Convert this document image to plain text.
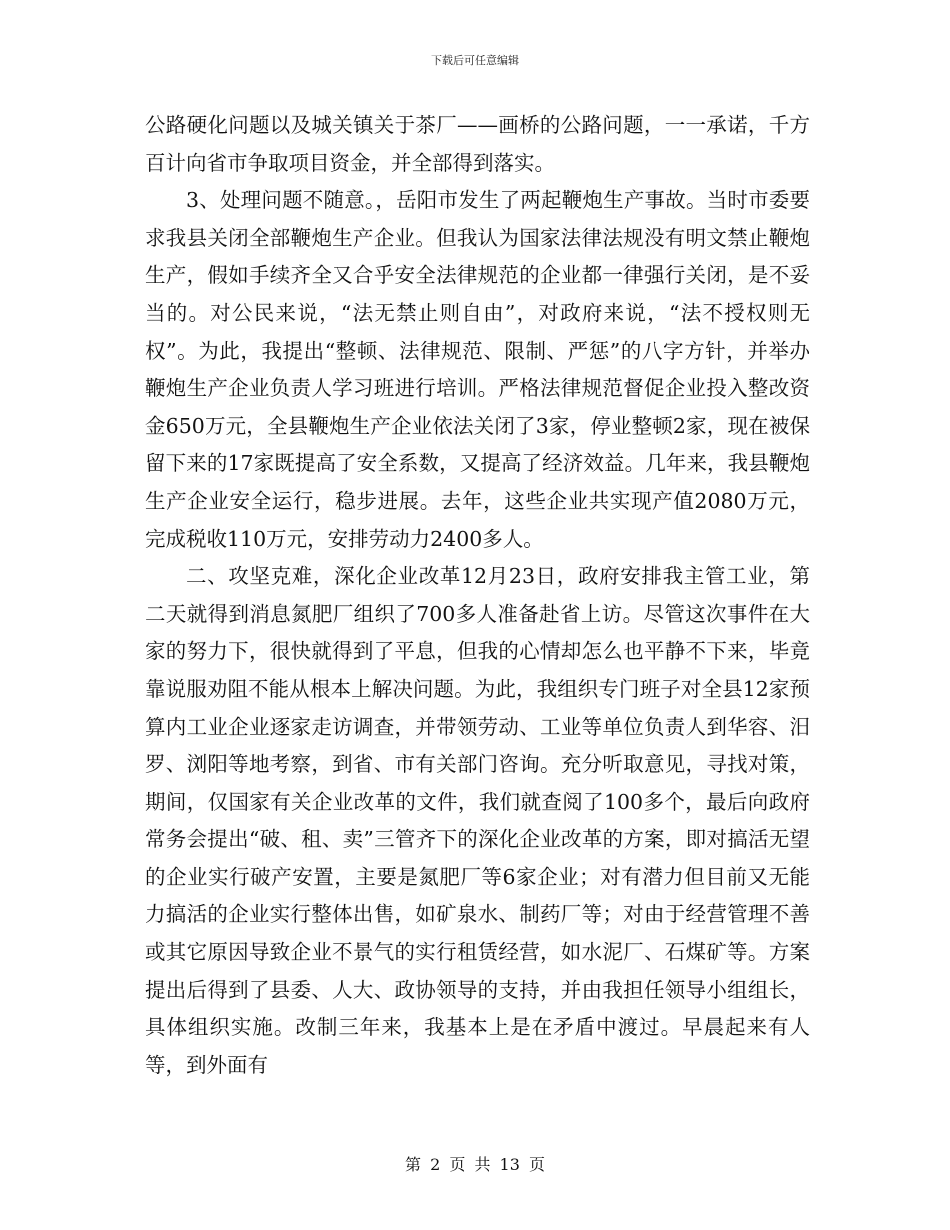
下载后可任意编辑

公路硬化问题以及城关镇关于茶厂——画桥的公路问题，一一承诺，千方百计向省市争取项目资金，并全部得到落实。

3、处理问题不随意。，岳阳市发生了两起鞭炮生产事故。当时市委要求我县关闭全部鞭炮生产企业。但我认为国家法律法规没有明文禁止鞭炮生产，假如手续齐全又合乎安全法律规范的企业都一律强行关闭，是不妥当的。对公民来说，“法无禁止则自由”，对政府来说，“法不授权则无权”。为此，我提出“整顿、法律规范、限制、严惩”的八字方针，并举办鞭炮生产企业负责人学习班进行培训。严格法律规范督促企业投入整改资金650万元，全县鞭炮生产企业依法关闭了3家，停业整顿2家，现在被保留下来的17家既提高了安全系数，又提高了经济效益。几年来，我县鞭炮生产企业安全运行，稳步进展。去年，这些企业共实现产值2080万元，完成税收110万元，安排劳动力2400多人。

二、攻坚克难，深化企业改革12月23日，政府安排我主管工业，第二天就得到消息氮肥厂组织了700多人准备赴省上访。尽管这次事件在大家的努力下，很快就得到了平息，但我的心情却怎么也平静不下来，毕竟靠说服劝阻不能从根本上解决问题。为此，我组织专门班子对全县12家预算内工业企业逐家走访调查，并带领劳动、工业等单位负责人到华容、汨罗、浏阳等地考察，到省、市有关部门咨询。充分听取意见，寻找对策，期间，仅国家有关企业改革的文件，我们就查阅了100多个，最后向政府常务会提出“破、租、卖”三管齐下的深化企业改革的方案，即对搞活无望的企业实行破产安置，主要是氮肥厂等6家企业；对有潜力但目前又无能力搞活的企业实行整体出售，如矿泉水、制药厂等；对由于经营管理不善或其它原因导致企业不景气的实行租赁经营，如水泥厂、石煤矿等。方案提出后得到了县委、人大、政协领导的支持，并由我担任领导小组组长，具体组织实施。改制三年来，我基本上是在矛盾中渡过。早晨起来有人等，到外面有

第 2 页 共 13 页
